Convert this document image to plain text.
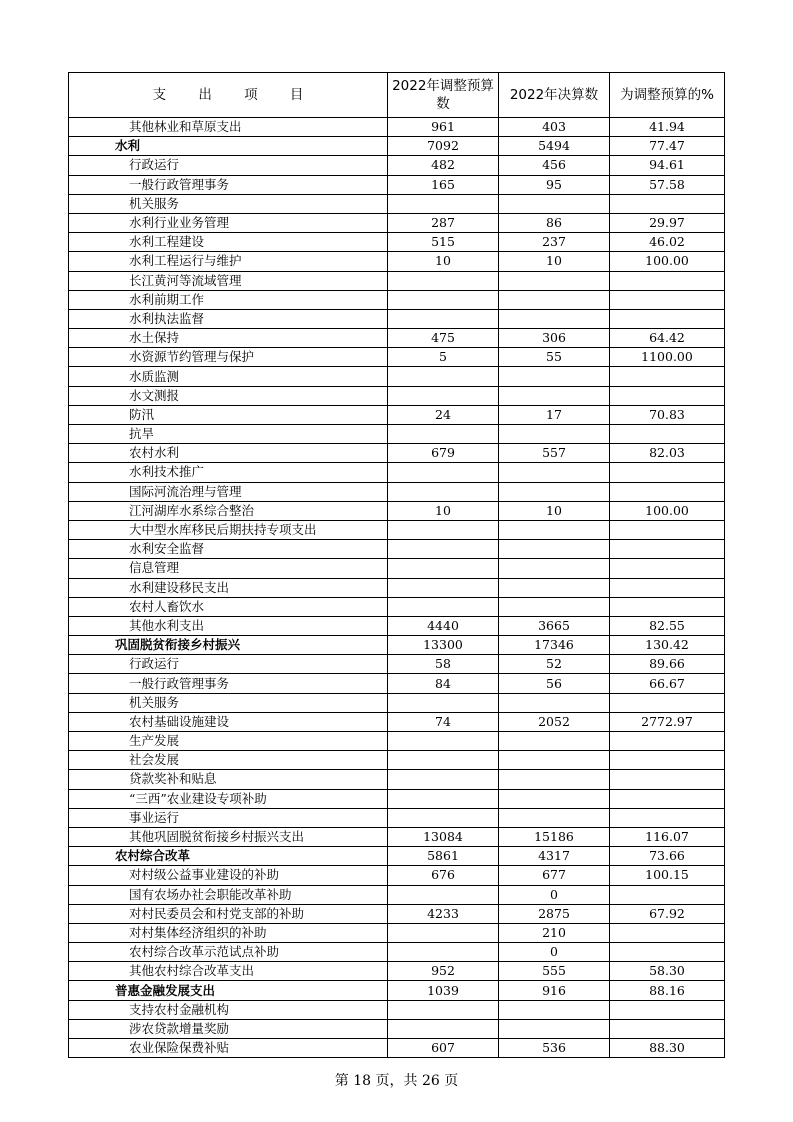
支 出 项 目	2022年调整预算数	2022年决算数	为调整预算的%
其他林业和草原支出	961	403	41.94
水利	7092	5494	77.47
行政运行	482	456	94.61
一般行政管理事务	165	95	57.58
机关服务			
水利行业业务管理	287	86	29.97
水利工程建设	515	237	46.02
水利工程运行与维护	10	10	100.00
长江黄河等流域管理			
水利前期工作			
水利执法监督			
水土保持	475	306	64.42
水资源节约管理与保护	5	55	1100.00
水质监测			
水文测报			
防汛	24	17	70.83
抗旱			
农村水利	679	557	82.03
水利技术推广			
国际河流治理与管理			
江河湖库水系综合整治	10	10	100.00
大中型水库移民后期扶持专项支出			
水利安全监督			
信息管理			
水利建设移民支出			
农村人畜饮水			
其他水利支出	4440	3665	82.55
巩固脱贫衔接乡村振兴	13300	17346	130.42
行政运行	58	52	89.66
一般行政管理事务	84	56	66.67
机关服务			
农村基础设施建设	74	2052	2772.97
生产发展			
社会发展			
贷款奖补和贴息			
“三西”农业建设专项补助			
事业运行			
其他巩固脱贫衔接乡村振兴支出	13084	15186	116.07
农村综合改革	5861	4317	73.66
对村级公益事业建设的补助	676	677	100.15
国有农场办社会职能改革补助		0	
对村民委员会和村党支部的补助	4233	2875	67.92
对村集体经济组织的补助		210	
农村综合改革示范试点补助		0	
其他农村综合改革支出	952	555	58.30
普惠金融发展支出	1039	916	88.16
支持农村金融机构			
涉农贷款增量奖励			
农业保险保费补贴	607	536	88.30
第 18 页，共 26 页
